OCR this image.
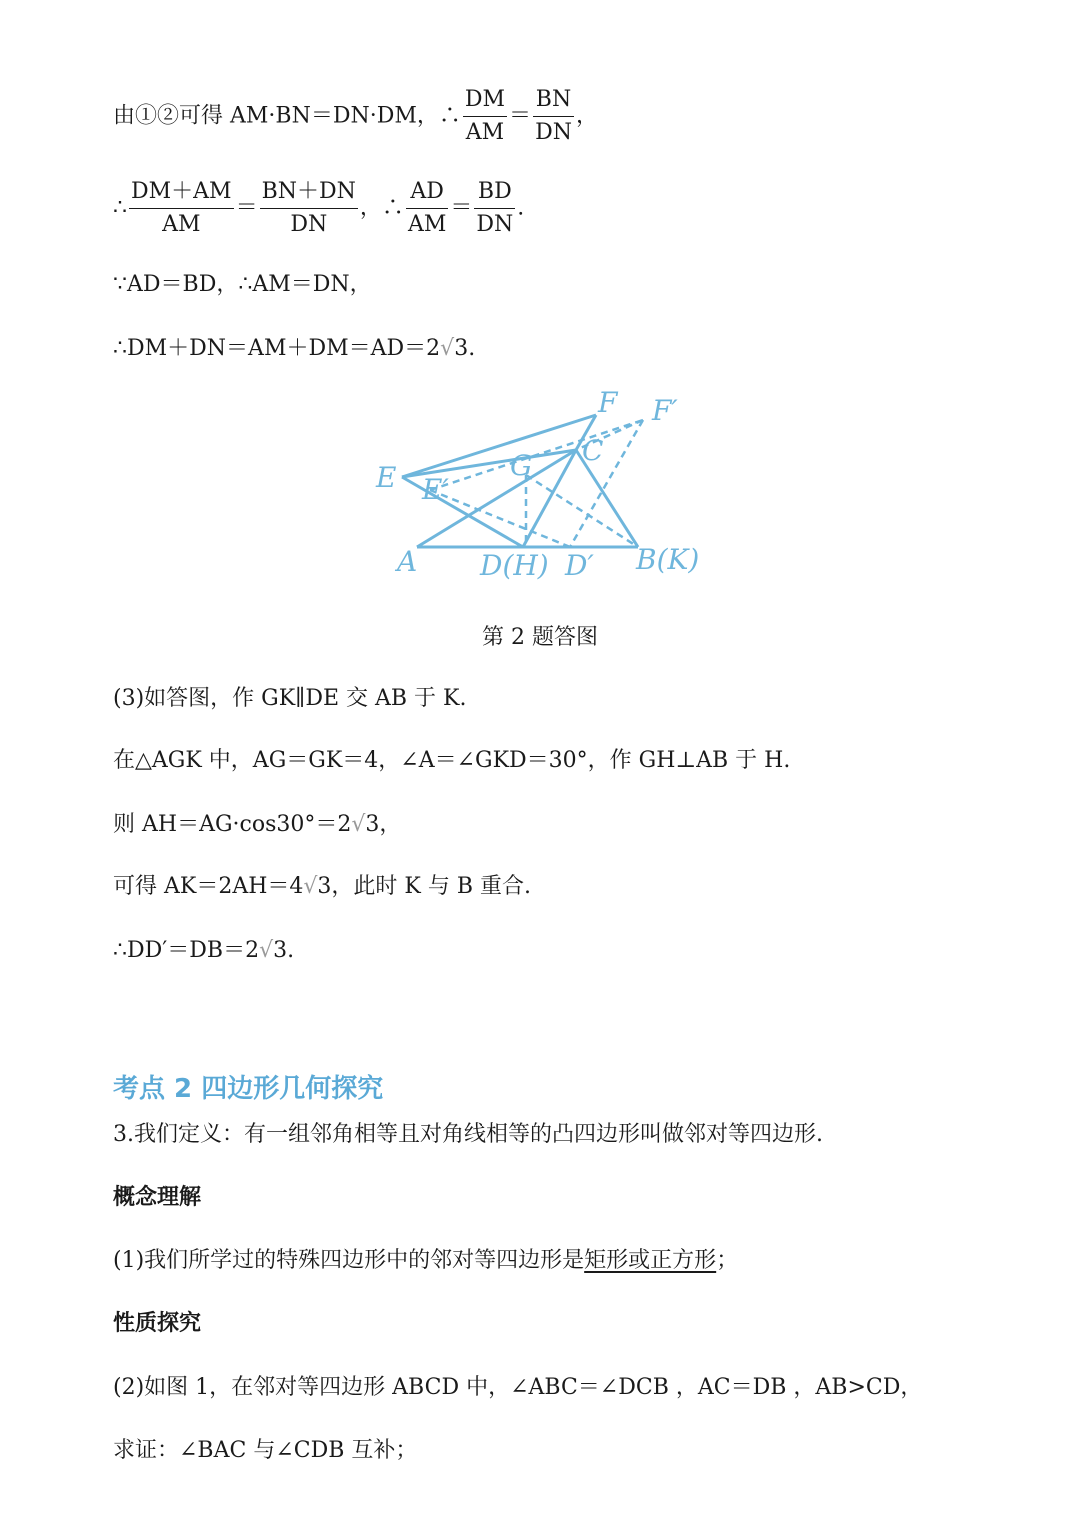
由①②可得 AM·BN＝DN·DM，∴ $\frac{DM}{AM} = \frac{BN}{DN}$ ，
∴ $\frac{DM+AM}{AM} = \frac{BN+DN}{DN}$ ，∴ $\frac{AD}{AM} = \frac{BD}{DN}$ .
∵AD＝BD，∴AM＝DN，
∴DM＋DN＝AM＋DM＝AD＝2√3.
F F′
C
E E′
G
A D(H) D′ B(K)
第 2 题答图
(3)如答图，作 GK∥DE 交 AB 于 K.
在△AGK 中，AG＝GK＝4，∠A＝∠GKD＝30°，作 GH⊥AB 于 H.
则 AH＝AG·cos30°＝2√3，
可得 AK＝2AH＝4√3，此时 K 与 B 重合.
∴DD′＝DB＝2√3.
考点 2 四边形几何探究
3.我们定义：有一组邻角相等且对角线相等的凸四边形叫做邻对等四边形.
概念理解
(1)我们所学过的特殊四边形中的邻对等四边形是矩形或正方形；
性质探究
(2)如图 1，在邻对等四边形 ABCD 中，∠ABC＝∠DCB ，AC＝DB ，AB>CD，
求证：∠BAC 与∠CDB 互补；
